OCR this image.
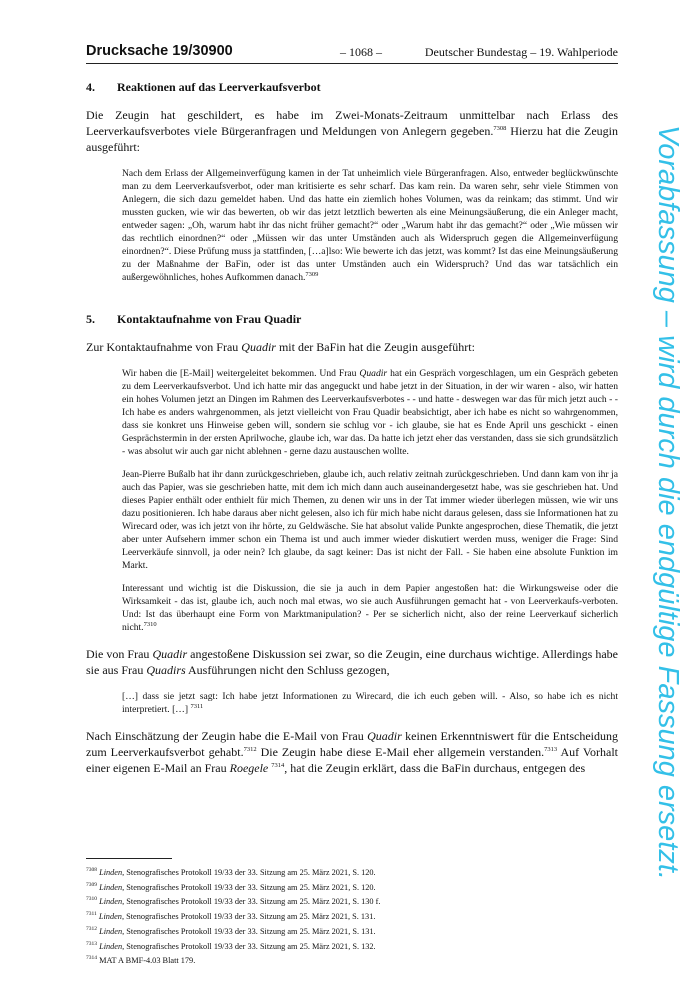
Drucksache 19/30900	– 1068 –	Deutscher Bundestag – 19. Wahlperiode
4.	Reaktionen auf das Leerverkaufsverbot

Die Zeugin hat geschildert, es habe im Zwei-Monats-Zeitraum unmittelbar nach Erlass des Leerverkaufsverbotes viele Bürgeranfragen und Meldungen von Anlegern gegeben.$^{7308}$ Hierzu hat die Zeugin ausgeführt:

Nach dem Erlass der Allgemeinverfügung kamen in der Tat unheimlich viele Bürgeranfragen. Also, entweder beglückwünschte man zu dem Leerverkaufsverbot, oder man kritisierte es sehr scharf. Das kam rein. Da waren sehr, sehr viele Stimmen von Anlegern, die sich dazu gemeldet haben. Und das hatte ein ziemlich hohes Volumen, was da reinkam; das stimmt. Und wir mussten gucken, wie wir das bewerten, ob wir das jetzt letztlich bewerten als eine Meinungsäußerung, die ein Anleger macht, entweder sagen: „Oh, warum habt ihr das nicht früher gemacht?“ oder „Warum habt ihr das gemacht?“ oder „Wie müssen wir das rechtlich einordnen?“ oder „Müssen wir das unter Umständen auch als Widerspruch gegen die Allgemeinverfügung einordnen?“. Diese Prüfung muss ja stattfinden, […a]lso: Wie bewerte ich das jetzt, was kommt? Ist das eine Meinungsäußerung zu der Maßnahme der BaFin, oder ist das unter Umständen auch ein Widerspruch? Und das war tatsächlich ein außergewöhnliches, hohes Aufkommen danach.$^{7309}$

5.	Kontaktaufnahme von Frau Quadir

Zur Kontaktaufnahme von Frau Quadir mit der BaFin hat die Zeugin ausgeführt:

Wir haben die [E-Mail] weitergeleitet bekommen. Und Frau Quadir hat ein Gespräch vorgeschlagen, um ein Gespräch gebeten zu dem Leerverkaufsverbot. Und ich hatte mir das angeguckt und habe jetzt in der Situation, in der wir waren - also, wir hatten ein hohes Volumen jetzt an Dingen im Rahmen des Leerverkaufsverbotes - - und hatte - deswegen war das für mich jetzt auch - - Ich habe es anders wahrgenommen, als jetzt vielleicht von Frau Quadir beabsichtigt, aber ich habe es nicht so wahrgenommen, dass sie konkret uns Hinweise geben will, sondern sie schlug vor - ich glaube, sie hat es Ende April uns geschickt - einen Gesprächstermin in der ersten Aprilwoche, glaube ich, war das. Da hatte ich jetzt eher das verstanden, dass sie sich grundsätzlich - was absolut wir auch gar nicht ablehnen - gerne dazu austauschen wollte.

Jean-Pierre Bußalb hat ihr dann zurückgeschrieben, glaube ich, auch relativ zeitnah zurückgeschrieben. Und dann kam von ihr ja auch das Papier, was sie geschrieben hatte, mit dem ich mich dann auch auseinandergesetzt habe, was sie geschrieben hat. Und dieses Papier enthält oder enthielt für mich Themen, zu denen wir uns in der Tat immer wieder überlegen müssen, wie wir uns dazu positionieren. Ich habe daraus aber nicht gelesen, also ich für mich habe nicht daraus gelesen, dass sie Informationen hat zu Wirecard oder, was ich jetzt von ihr hörte, zu Geldwäsche. Sie hat absolut valide Punkte angesprochen, diese Thematik, die jetzt aber unter Aufsehern immer schon ein Thema ist und auch immer wieder diskutiert werden muss, weniger die Frage: Sind Leerverkäufe sinnvoll, ja oder nein? Ich glaube, da sagt keiner: Das ist nicht der Fall. - Sie haben eine absolute Funktion im Markt.

Interessant und wichtig ist die Diskussion, die sie ja auch in dem Papier angestoßen hat: die Wirkungsweise oder die Wirksamkeit - das ist, glaube ich, auch noch mal etwas, wo sie auch Ausführungen gemacht hat - von Leerverkaufs-verboten. Und: Ist das überhaupt eine Form von Marktmanipulation? - Per se sicherlich nicht, also der reine Leerverkauf sicherlich nicht.$^{7310}$

Die von Frau Quadir angestoßene Diskussion sei zwar, so die Zeugin, eine durchaus wichtige. Allerdings habe sie aus Frau Quadirs Ausführungen nicht den Schluss gezogen,

[…] dass sie jetzt sagt: Ich habe jetzt Informationen zu Wirecard, die ich euch geben will. - Also, so habe ich es nicht interpretiert. […] $^{7311}$

Nach Einschätzung der Zeugin habe die E-Mail von Frau Quadir keinen Erkenntniswert für die Entscheidung zum Leerverkaufsverbot gehabt.$^{7312}$ Die Zeugin habe diese E-Mail eher allgemein verstanden.$^{7313}$ Auf Vorhalt einer eigenen E-Mail an Frau Roegele $^{7314}$, hat die Zeugin erklärt, dass die BaFin durchaus, entgegen des

$^{7308}$ Linden, Stenografisches Protokoll 19/33 der 33. Sitzung am 25. März 2021, S. 120.
$^{7309}$ Linden, Stenografisches Protokoll 19/33 der 33. Sitzung am 25. März 2021, S. 120.
$^{7310}$ Linden, Stenografisches Protokoll 19/33 der 33. Sitzung am 25. März 2021, S. 130 f.
$^{7311}$ Linden, Stenografisches Protokoll 19/33 der 33. Sitzung am 25. März 2021, S. 131.
$^{7312}$ Linden, Stenografisches Protokoll 19/33 der 33. Sitzung am 25. März 2021, S. 131.
$^{7313}$ Linden, Stenografisches Protokoll 19/33 der 33. Sitzung am 25. März 2021, S. 132.
$^{7314}$ MAT A BMF-4.03 Blatt 179.
Vorabfassung – wird durch die endgültige Fassung ersetzt.
